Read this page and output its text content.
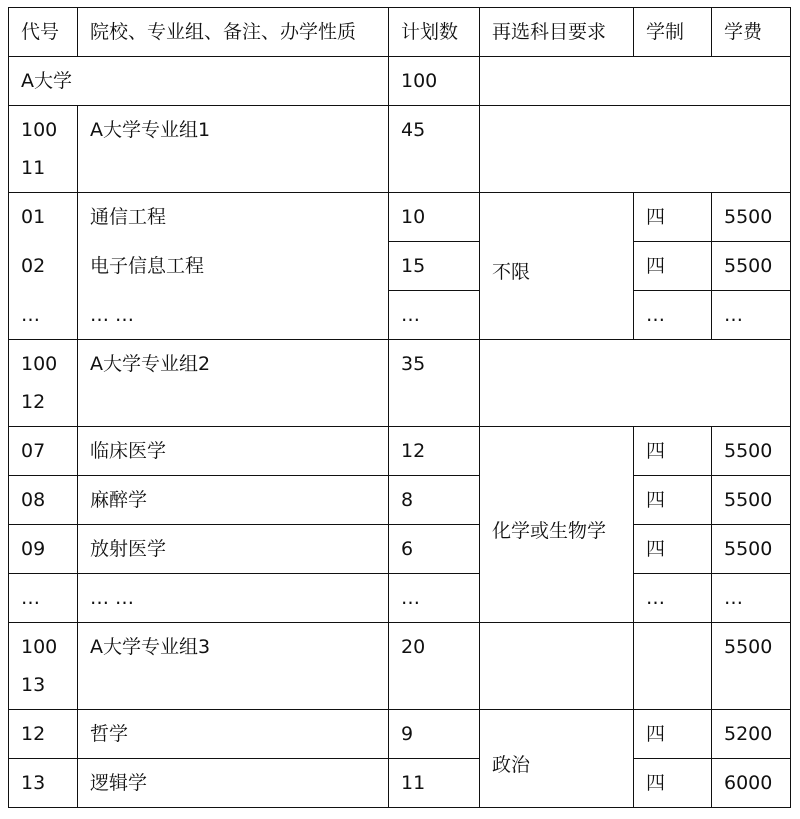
代号	院校、专业组、备注、办学性质	计划数	再选科目要求	学制	学费
A大学		100			
100 11	A大学专业组1	45			
01	通信工程	10	不限	四	5500
02	电子信息工程	15		四	5500
…	… …	…		…	…
100 12	A大学专业组2	35			
07	临床医学	12	化学或生物学	四	5500
08	麻醉学	8		四	5500
09	放射医学	6		四	5500
…	… …	…		…	…
100 13	A大学专业组3	20			5500
12	哲学	9	政治	四	5200
13	逻辑学	11		四	6000
